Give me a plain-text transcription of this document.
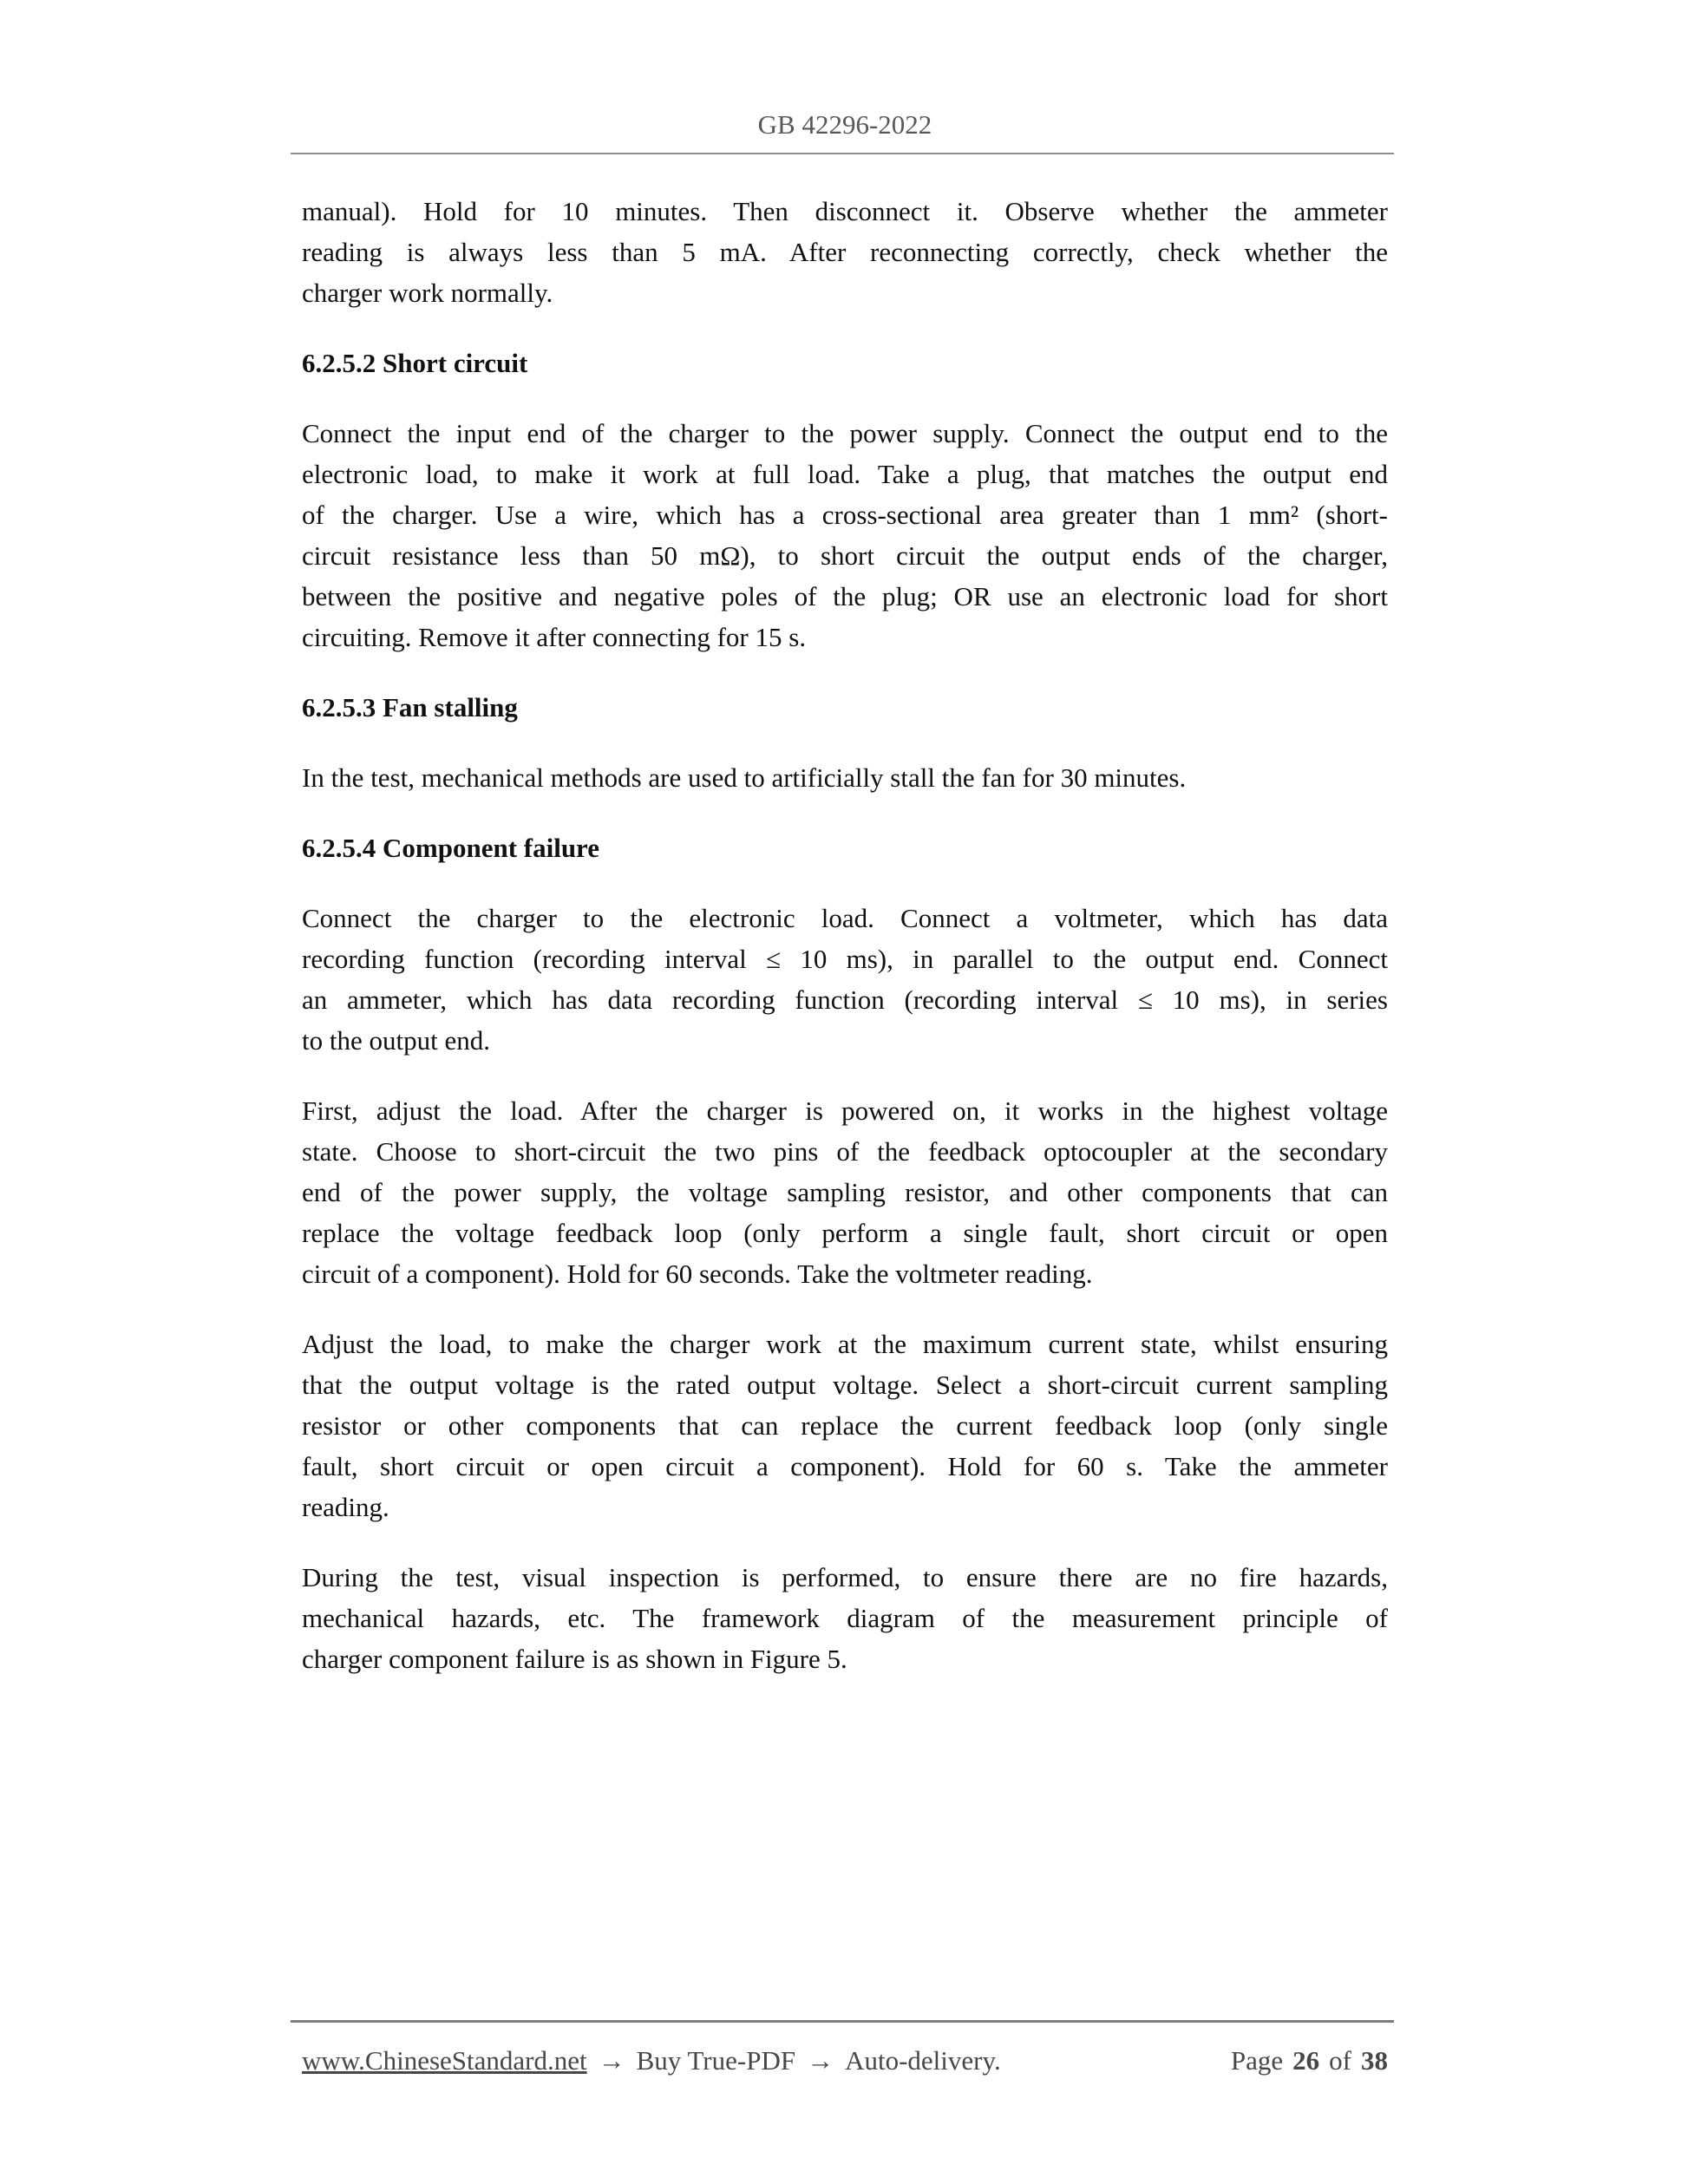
GB 42296-2022
manual). Hold for 10 minutes. Then disconnect it. Observe whether the ammeter
reading is always less than 5 mA. After reconnecting correctly, check whether the
charger work normally.
6.2.5.2 Short circuit
Connect the input end of the charger to the power supply. Connect the output end to the
electronic load, to make it work at full load. Take a plug, that matches the output end
of the charger. Use a wire, which has a cross-sectional area greater than 1 mm² (short-
circuit resistance less than 50 mΩ), to short circuit the output ends of the charger,
between the positive and negative poles of the plug; OR use an electronic load for short
circuiting. Remove it after connecting for 15 s.
6.2.5.3 Fan stalling
In the test, mechanical methods are used to artificially stall the fan for 30 minutes.
6.2.5.4 Component failure
Connect the charger to the electronic load. Connect a voltmeter, which has data
recording function (recording interval ≤ 10 ms), in parallel to the output end. Connect
an ammeter, which has data recording function (recording interval ≤ 10 ms), in series
to the output end.
First, adjust the load. After the charger is powered on, it works in the highest voltage
state. Choose to short-circuit the two pins of the feedback optocoupler at the secondary
end of the power supply, the voltage sampling resistor, and other components that can
replace the voltage feedback loop (only perform a single fault, short circuit or open
circuit of a component). Hold for 60 seconds. Take the voltmeter reading.
Adjust the load, to make the charger work at the maximum current state, whilst ensuring
that the output voltage is the rated output voltage. Select a short-circuit current sampling
resistor or other components that can replace the current feedback loop (only single
fault, short circuit or open circuit a component). Hold for 60 s. Take the ammeter
reading.
During the test, visual inspection is performed, to ensure there are no fire hazards,
mechanical hazards, etc. The framework diagram of the measurement principle of
charger component failure is as shown in Figure 5.
www.ChineseStandard.net → Buy True-PDF → Auto-delivery.	Page 26 of 38
